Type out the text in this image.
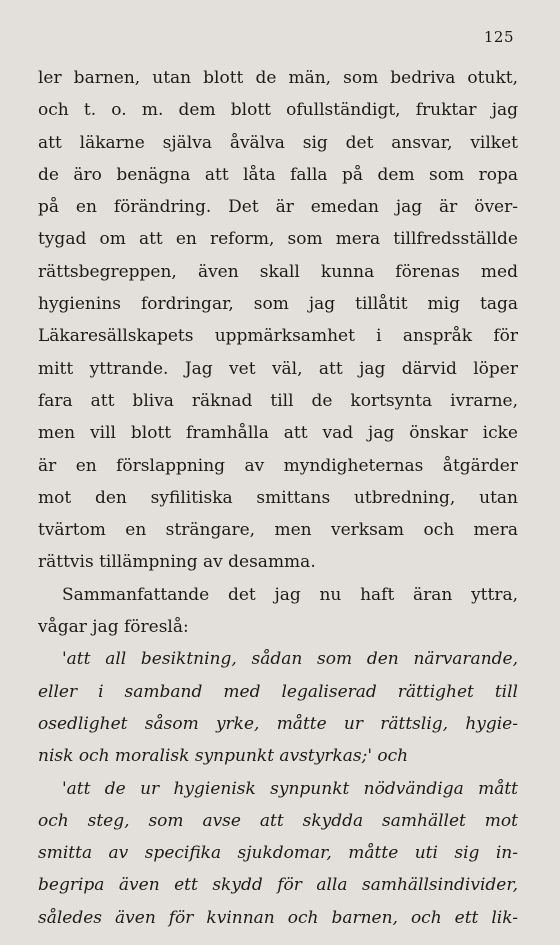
125
ler barnen, utan blott de män, som bedriva otukt,
och t. o. m. dem blott ofullständigt, fruktar jag
att läkarne själva åvälva sig det ansvar, vilket
de äro benägna att låta falla på dem som ropa
på en förändring. Det är emedan jag är över-
tygad om att en reform, som mera tillfredsställde
rättsbegreppen, även skall kunna förenas med
hygienins fordringar, som jag tillåtit mig taga
Läkaresällskapets uppmärksamhet i anspråk för
mitt yttrande. Jag vet väl, att jag därvid löper
fara att bliva räknad till de kortsynta ivrarne,
men vill blott framhålla att vad jag önskar icke
är en förslappning av myndigheternas åtgärder
mot den syfilitiska smittans utbredning, utan
tvärtom en strängare, men verksam och mera
rättvis tillämpning av desamma.
Sammanfattande det jag nu haft äran yttra,
vågar jag föreslå:
'att all besiktning, sådan som den närvarande,
eller i samband med legaliserad rättighet till
osedlighet såsom yrke, måtte ur rättslig, hygie-
nisk och moralisk synpunkt avstyrkas;' och
'att de ur hygienisk synpunkt nödvändiga mått
och steg, som avse att skydda samhället mot
smitta av specifika sjukdomar, måtte uti sig in-
begripa även ett skydd för alla samhällsindivider,
således även för kvinnan och barnen, och ett lik-
